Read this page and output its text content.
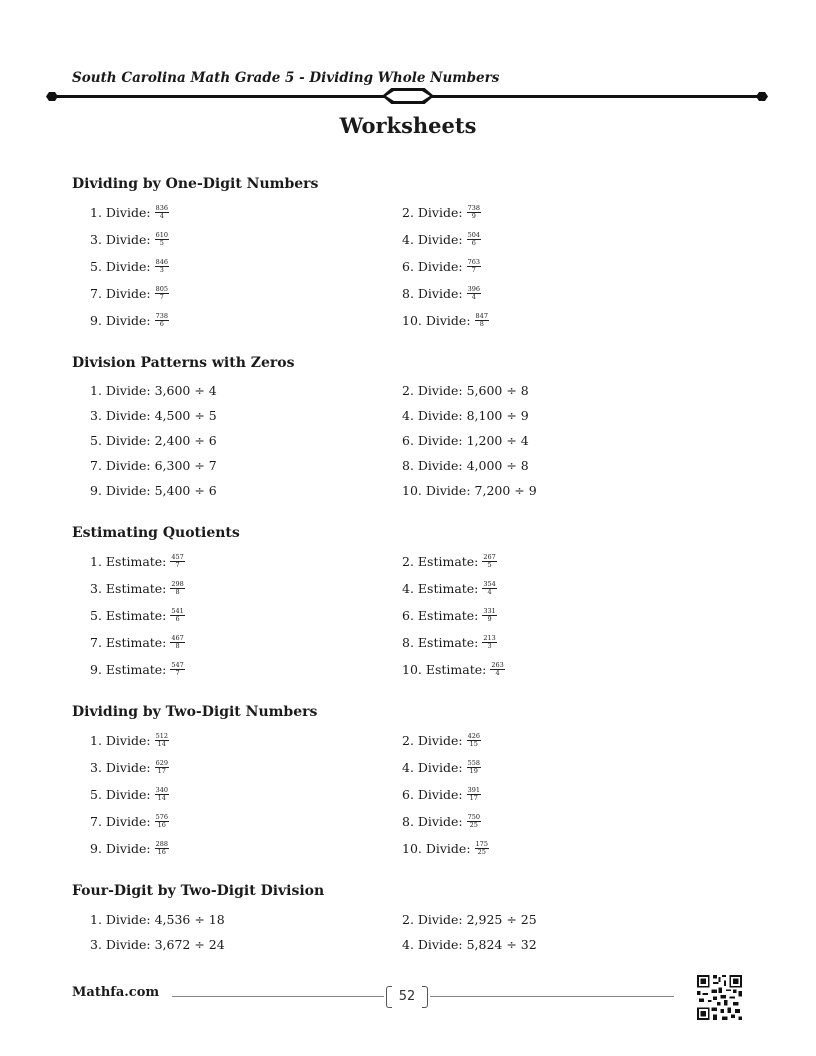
South Carolina Math Grade 5 - Dividing Whole Numbers
Worksheets
Dividing by One-Digit Numbers
1. Divide: $\frac{836}{4}$	2. Divide: $\frac{738}{9}$
3. Divide: $\frac{610}{5}$	4. Divide: $\frac{504}{6}$
5. Divide: $\frac{846}{3}$	6. Divide: $\frac{763}{7}$
7. Divide: $\frac{805}{7}$	8. Divide: $\frac{396}{4}$
9. Divide: $\frac{738}{6}$	10. Divide: $\frac{847}{8}$
Division Patterns with Zeros
1. Divide: 3,600 ÷ 4	2. Divide: 5,600 ÷ 8
3. Divide: 4,500 ÷ 5	4. Divide: 8,100 ÷ 9
5. Divide: 2,400 ÷ 6	6. Divide: 1,200 ÷ 4
7. Divide: 6,300 ÷ 7	8. Divide: 4,000 ÷ 8
9. Divide: 5,400 ÷ 6	10. Divide: 7,200 ÷ 9
Estimating Quotients
1. Estimate: $\frac{457}{7}$	2. Estimate: $\frac{267}{5}$
3. Estimate: $\frac{298}{8}$	4. Estimate: $\frac{354}{4}$
5. Estimate: $\frac{541}{6}$	6. Estimate: $\frac{331}{9}$
7. Estimate: $\frac{467}{8}$	8. Estimate: $\frac{213}{3}$
9. Estimate: $\frac{547}{7}$	10. Estimate: $\frac{263}{4}$
Dividing by Two-Digit Numbers
1. Divide: $\frac{512}{14}$	2. Divide: $\frac{426}{15}$
3. Divide: $\frac{629}{17}$	4. Divide: $\frac{558}{19}$
5. Divide: $\frac{340}{14}$	6. Divide: $\frac{391}{17}$
7. Divide: $\frac{576}{16}$	8. Divide: $\frac{750}{25}$
9. Divide: $\frac{288}{16}$	10. Divide: $\frac{175}{25}$
Four-Digit by Two-Digit Division
1. Divide: 4,536 ÷ 18	2. Divide: 2,925 ÷ 25
3. Divide: 3,672 ÷ 24	4. Divide: 5,824 ÷ 32
Mathfa.com	52
